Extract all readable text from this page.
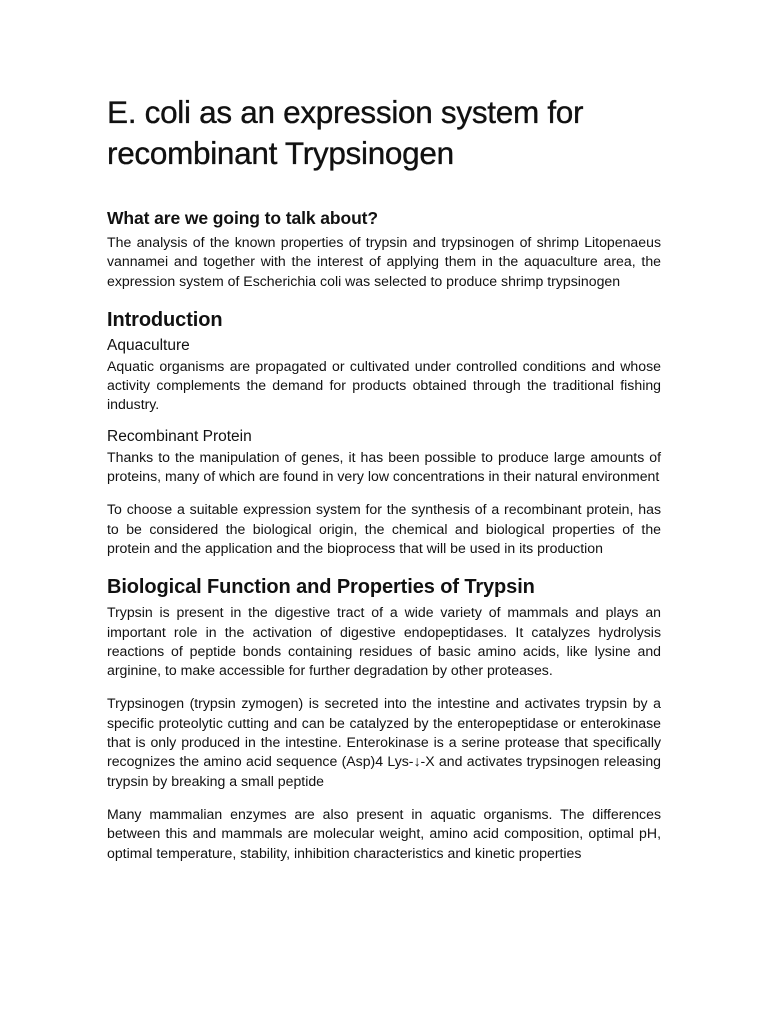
E. coli as an expression system for recombinant Trypsinogen
What are we going to talk about?

The analysis of the known properties of trypsin and trypsinogen of shrimp Litopenaeus vannamei and together with the interest of applying them in the aquaculture area, the expression system of Escherichia coli was selected to produce shrimp trypsinogen

Introduction
Aquaculture

Aquatic organisms are propagated or cultivated under controlled conditions and whose activity complements the demand for products obtained through the traditional fishing industry.

Recombinant Protein

Thanks to the manipulation of genes, it has been possible to produce large amounts of proteins, many of which are found in very low concentrations in their natural environment

To choose a suitable expression system for the synthesis of a recombinant protein, has to be considered the biological origin, the chemical and biological properties of the protein and the application and the bioprocess that will be used in its production

Biological Function and Properties of Trypsin

Trypsin is present in the digestive tract of a wide variety of mammals and plays an important role in the activation of digestive endopeptidases. It catalyzes hydrolysis reactions of peptide bonds containing residues of basic amino acids, like lysine and arginine, to make accessible for further degradation by other proteases.

Trypsinogen (trypsin zymogen) is secreted into the intestine and activates trypsin by a specific proteolytic cutting and can be catalyzed by the enteropeptidase or enterokinase that is only produced in the intestine. Enterokinase is a serine protease that specifically recognizes the amino acid sequence (Asp)4 Lys-↓-X and activates trypsinogen releasing trypsin by breaking a small peptide

Many mammalian enzymes are also present in aquatic organisms. The differences between this and mammals are molecular weight, amino acid composition, optimal pH, optimal temperature, stability, inhibition characteristics and kinetic properties
